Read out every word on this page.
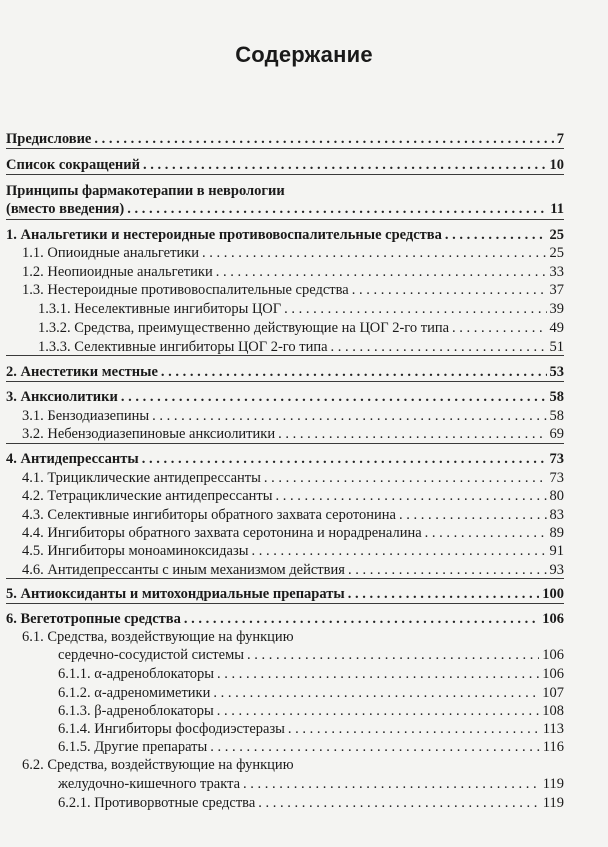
Содержание
Предисловие . . .	7
Список сокращений . . .	10
Принципы фармакотерапии в неврологии
(вместо введения) . . .	11
1. Анальгетики и нестероидные противовоспалительные средства . . .	25
1.1. Опиоидные анальгетики . . .	25
1.2. Неопиоидные анальгетики . . .	33
1.3. Нестероидные противовоспалительные средства . . .	37
1.3.1. Неселективные ингибиторы ЦОГ . . .	39
1.3.2. Средства, преимущественно действующие на ЦОГ 2-го типа . . .	49
1.3.3. Селективные ингибиторы ЦОГ 2-го типа . . .	51
2. Анестетики местные . . .	53
3. Анксиолитики . . .	58
3.1. Бензодиазепины . . .	58
3.2. Небензодиазепиновые анксиолитики . . .	69
4. Антидепрессанты . . .	73
4.1. Трициклические антидепрессанты . . .	73
4.2. Тетрациклические антидепрессанты . . .	80
4.3. Селективные ингибиторы обратного захвата серотонина . . .	83
4.4. Ингибиторы обратного захвата серотонина и норадреналина . . .	89
4.5. Ингибиторы моноаминоксидазы . . .	91
4.6. Антидепрессанты с иным механизмом действия . . .	93
5. Антиоксиданты и митохондриальные препараты . . .	100
6. Вегетотропные средства . . .	106
6.1. Средства, воздействующие на функцию
сердечно-сосудистой системы . . .	106
6.1.1. α-адреноблокаторы . . .	106
6.1.2. α-адреномиметики . . .	107
6.1.3. β-адреноблокаторы . . .	108
6.1.4. Ингибиторы фосфодиэстеразы . . .	113
6.1.5. Другие препараты . . .	116
6.2. Средства, воздействующие на функцию
желудочно-кишечного тракта . . .	119
6.2.1. Противорвотные средства . . .	119
